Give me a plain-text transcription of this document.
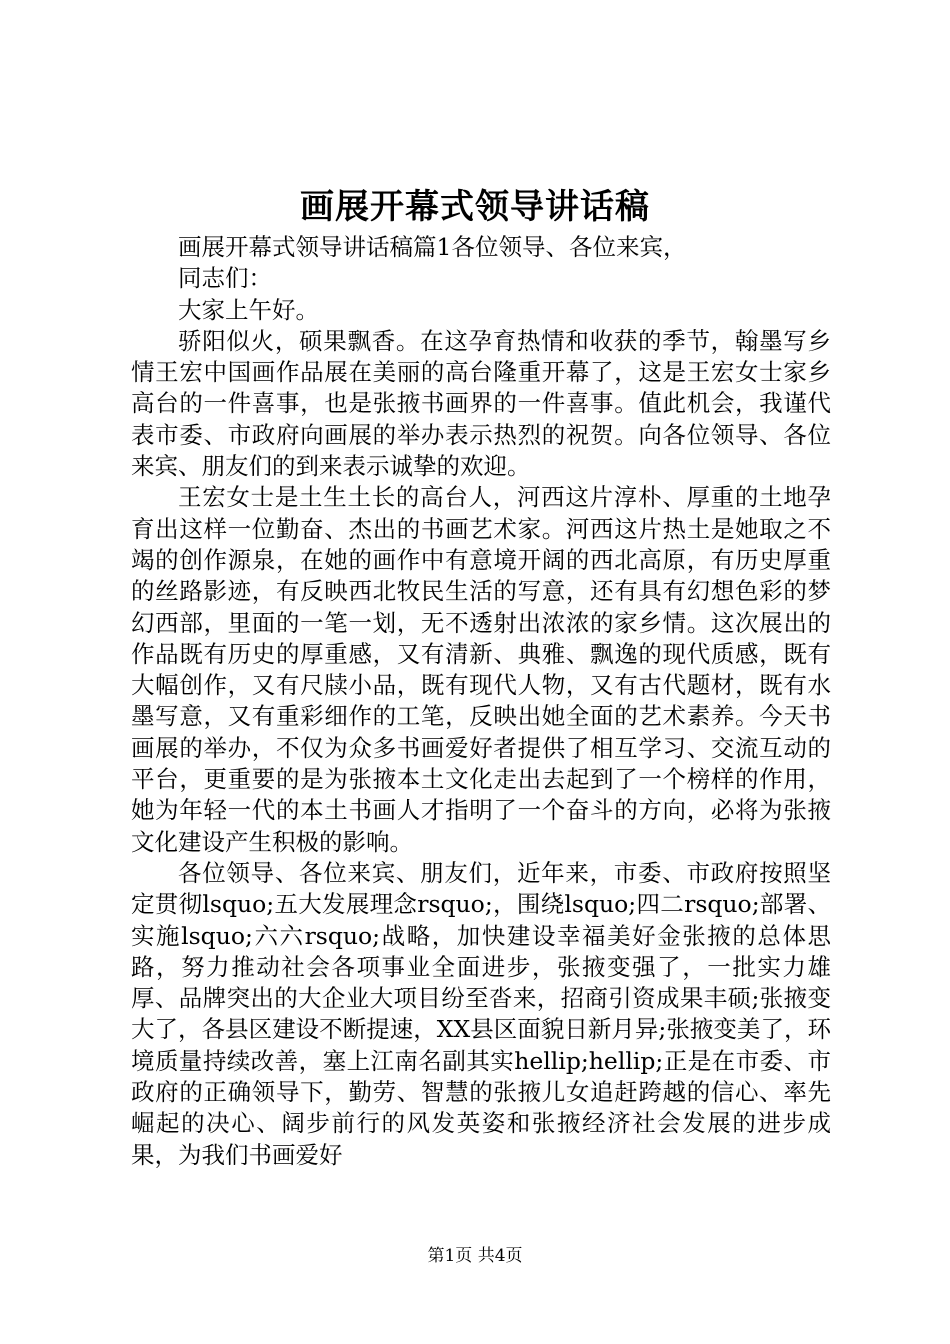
画展开幕式领导讲话稿

画展开幕式领导讲话稿篇1各位领导、各位来宾，

同志们：

大家上午好。

骄阳似火，硕果飘香。在这孕育热情和收获的季节，翰墨写乡情王宏中国画作品展在美丽的高台隆重开幕了，这是王宏女士家乡高台的一件喜事，也是张掖书画界的一件喜事。值此机会，我谨代表市委、市政府向画展的举办表示热烈的祝贺。向各位领导、各位来宾、朋友们的到来表示诚挚的欢迎。

王宏女士是土生土长的高台人，河西这片淳朴、厚重的土地孕育出这样一位勤奋、杰出的书画艺术家。河西这片热土是她取之不竭的创作源泉，在她的画作中有意境开阔的西北高原，有历史厚重的丝路影迹，有反映西北牧民生活的写意，还有具有幻想色彩的梦幻西部，里面的一笔一划，无不透射出浓浓的家乡情。这次展出的作品既有历史的厚重感，又有清新、典雅、飘逸的现代质感，既有大幅创作，又有尺牍小品，既有现代人物，又有古代题材，既有水墨写意，又有重彩细作的工笔，反映出她全面的艺术素养。今天书画展的举办，不仅为众多书画爱好者提供了相互学习、交流互动的平台，更重要的是为张掖本土文化走出去起到了一个榜样的作用，她为年轻一代的本土书画人才指明了一个奋斗的方向，必将为张掖文化建设产生积极的影响。

各位领导、各位来宾、朋友们，近年来，市委、市政府按照坚定贯彻lsquo;五大发展理念rsquo;，围绕lsquo;四二rsquo;部署、实施lsquo;六六rsquo;战略，加快建设幸福美好金张掖的总体思路，努力推动社会各项事业全面进步，张掖变强了，一批实力雄厚、品牌突出的大企业大项目纷至沓来，招商引资成果丰硕;张掖变大了，各县区建设不断提速，XX县区面貌日新月异;张掖变美了，环境质量持续改善，塞上江南名副其实hellip;hellip;正是在市委、市政府的正确领导下，勤劳、智慧的张掖儿女追赶跨越的信心、率先崛起的决心、阔步前行的风发英姿和张掖经济社会发展的进步成果，为我们书画爱好

第1页 共4页
